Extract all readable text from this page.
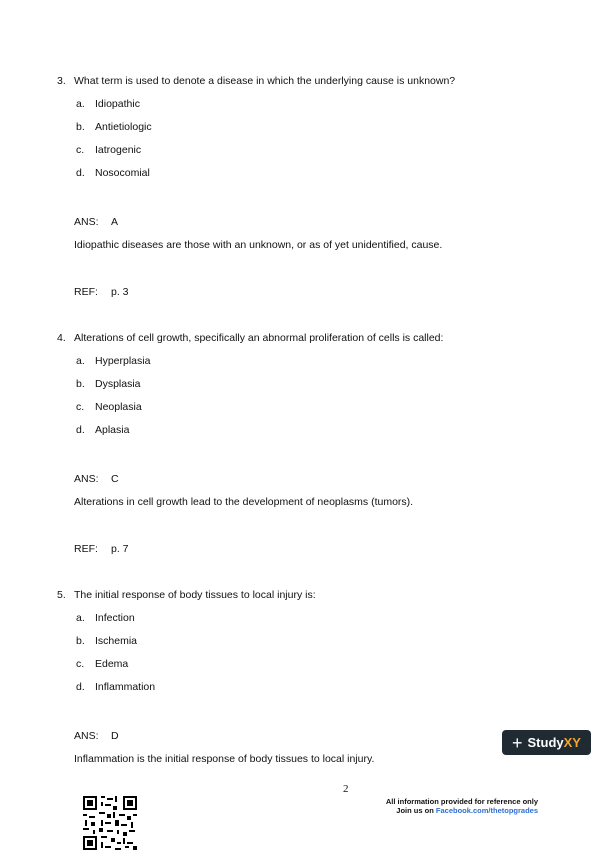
3. What term is used to denote a disease in which the underlying cause is unknown?
a. Idiopathic
b. Antietiologic
c. Iatrogenic
d. Nosocomial
ANS: A
Idiopathic diseases are those with an unknown, or as of yet unidentified, cause.
REF: p. 3
4. Alterations of cell growth, specifically an abnormal proliferation of cells is called:
a. Hyperplasia
b. Dysplasia
c. Neoplasia
d. Aplasia
ANS: C
Alterations in cell growth lead to the development of neoplasms (tumors).
REF: p. 7
5. The initial response of body tissues to local injury is:
a. Infection
b. Ischemia
c. Edema
d. Inflammation
ANS: D
Inflammation is the initial response of body tissues to local injury.
+ StudyXY
2
All information provided for reference only
Join us on Facebook.com/thetopgrades
